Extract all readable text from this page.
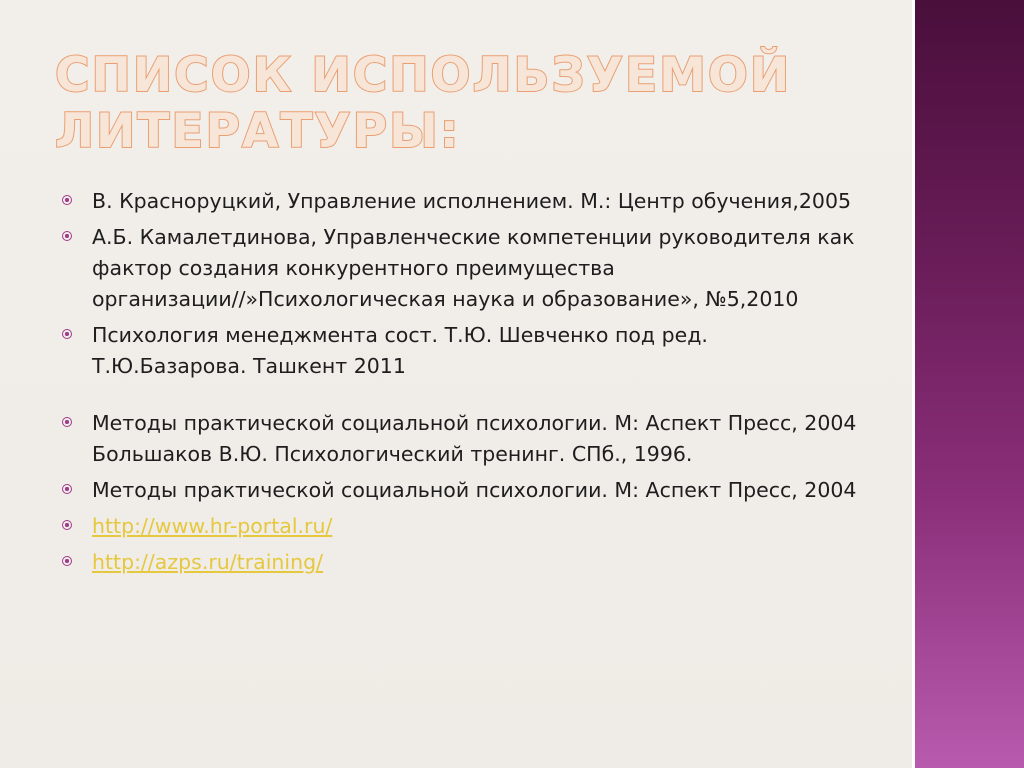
СПИСОК ИСПОЛЬЗУЕМОЙ ЛИТЕРАТУРЫ:
В. Красноруцкий, Управление исполнением. М.: Центр обучения,2005
А.Б. Камалетдинова, Управленческие компетенции руководителя как фактор создания конкурентного преимущества организации//»Психологическая наука и образование», №5,2010
Психология менеджмента сост. Т.Ю. Шевченко под ред. Т.Ю.Базарова. Ташкент 2011
Методы практической социальной психологии. М: Аспект Пресс, 2004
Большаков В.Ю. Психологический тренинг. СПб., 1996.
Методы практической социальной психологии. М: Аспект Пресс, 2004
http://www.hr-portal.ru/
http://azps.ru/training/
